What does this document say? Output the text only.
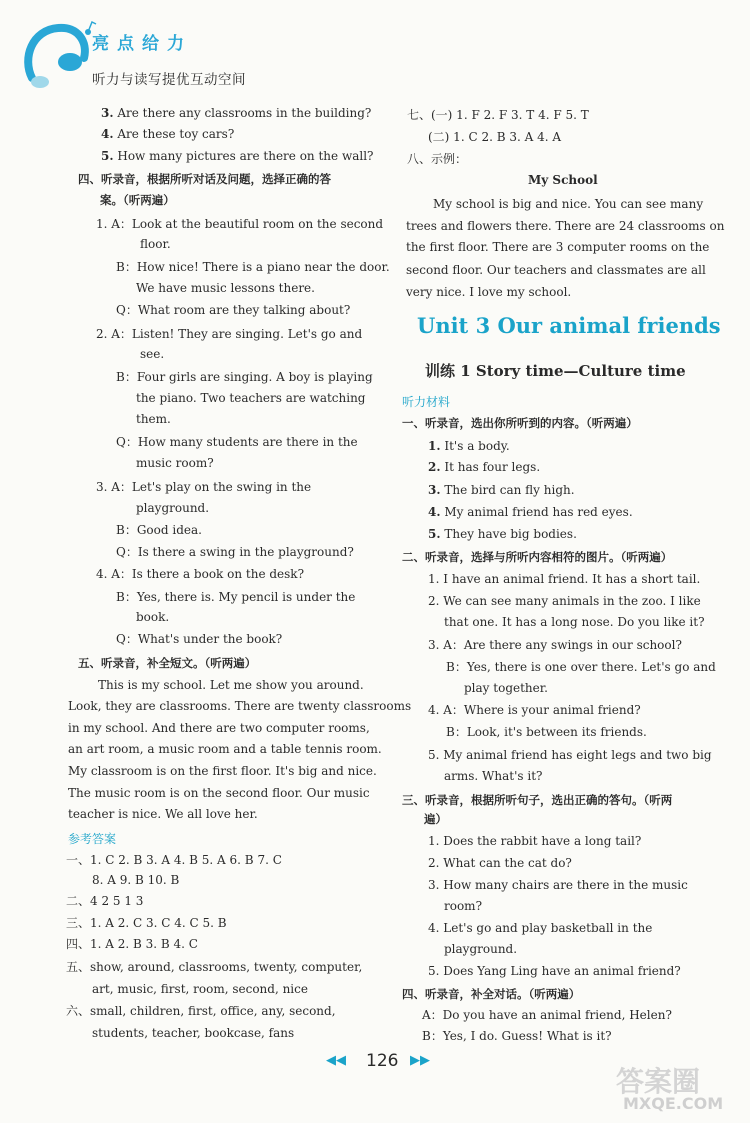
亮点给力
听力与读写提优互动空间
3. Are there any classrooms in the building?
4. Are these toy cars?
5. How many pictures are there on the wall?
四、听录音，根据所听对话及问题，选择正确的答
案。（听两遍）
1. A：Look at the beautiful room on the second
floor.
B：How nice! There is a piano near the door.
We have music lessons there.
Q：What room are they talking about?
2. A：Listen! They are singing. Let's go and
see.
B：Four girls are singing. A boy is playing
the piano. Two teachers are watching
them.
Q：How many students are there in the
music room?
3. A：Let's play on the swing in the
playground.
B：Good idea.
Q：Is there a swing in the playground?
4. A：Is there a book on the desk?
B：Yes, there is. My pencil is under the
book.
Q：What's under the book?
五、听录音，补全短文。（听两遍）
This is my school. Let me show you around.
Look, they are classrooms. There are twenty classrooms
in my school. And there are two computer rooms,
an art room, a music room and a table tennis room.
My classroom is on the first floor. It's big and nice.
The music room is on the second floor. Our music
teacher is nice. We all love her.
参考答案
一、1. C 2. B 3. A 4. B 5. A 6. B 7. C
8. A 9. B 10. B
二、4 2 5 1 3
三、1. A 2. C 3. C 4. C 5. B
四、1. A 2. B 3. B 4. C
五、show, around, classrooms, twenty, computer,
art, music, first, room, second, nice
六、small, children, first, office, any, second,
students, teacher, bookcase, fans
七、(一) 1. F 2. F 3. T 4. F 5. T
(二) 1. C 2. B 3. A 4. A
八、示例：
My School
My school is big and nice. You can see many
trees and flowers there. There are 24 classrooms on
the first floor. There are 3 computer rooms on the
second floor. Our teachers and classmates are all
very nice. I love my school.
Unit 3 Our animal friends
训练 1 Story time—Culture time
听力材料
一、听录音，选出你所听到的内容。（听两遍）
1. It's a body.
2. It has four legs.
3. The bird can fly high.
4. My animal friend has red eyes.
5. They have big bodies.
二、听录音，选择与所听内容相符的图片。（听两遍）
1. I have an animal friend. It has a short tail.
2. We can see many animals in the zoo. I like
that one. It has a long nose. Do you like it?
3. A：Are there any swings in our school?
B：Yes, there is one over there. Let's go and
play together.
4. A：Where is your animal friend?
B：Look, it's between its friends.
5. My animal friend has eight legs and two big
arms. What's it?
三、听录音，根据所听句子，选出正确的答句。（听两
遍）
1. Does the rabbit have a long tail?
2. What can the cat do?
3. How many chairs are there in the music
room?
4. Let's go and play basketball in the
playground.
5. Does Yang Ling have an animal friend?
四、听录音，补全对话。（听两遍）
A：Do you have an animal friend, Helen?
B：Yes, I do. Guess! What is it?
◀◀ 126 ▶▶
答案圈
MXQE.COM
